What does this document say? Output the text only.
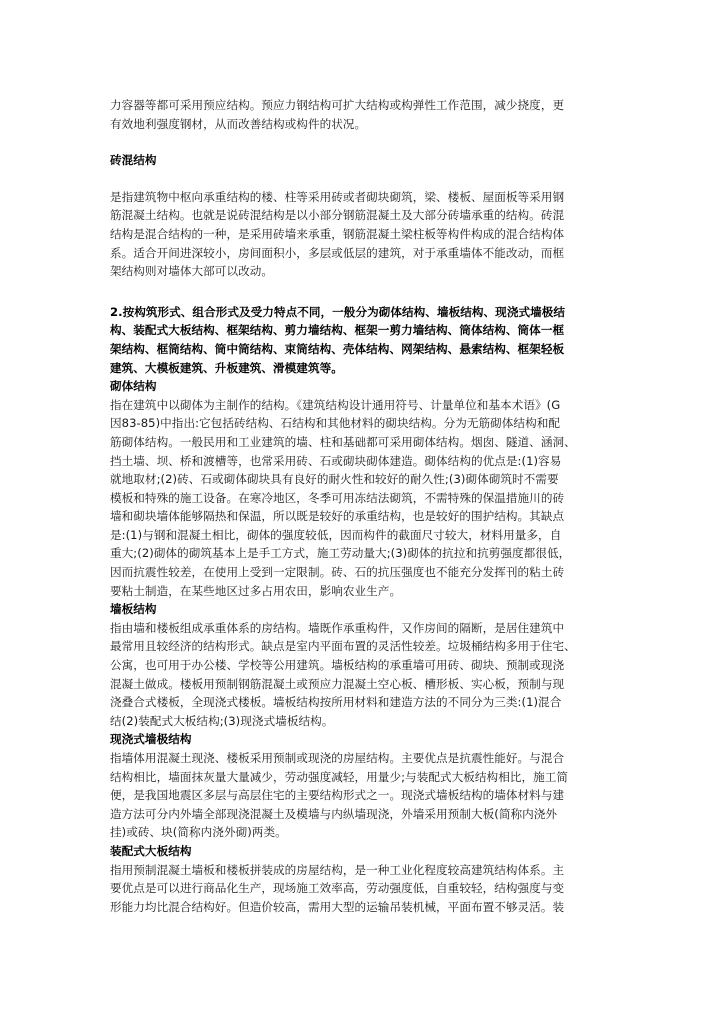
力容器等都可采用预应结构。预应力钢结构可扩大结构或构弹性工作范围，减少挠度，更
有效地利强度钢材，从而改善结构或构件的状况。
砖混结构
是指建筑物中枢向承重结构的楼、柱等采用砖或者砌块砌筑，梁、楼板、屋面板等采用钢
筋混凝土结构。也就是说砖混结构是以小部分钢筋混凝土及大部分砖墙承重的结构。砖混
结构是混合结构的一种，是采用砖墙来承重，钢筋混凝土梁柱板等构件构成的混合结构体
系。适合开间进深较小，房间面积小，多层或低层的建筑，对于承重墙体不能改动，而框
架结构则对墙体大部可以改动。
2.按构筑形式、组合形式及受力特点不同，一般分为砌体结构、墙板结构、现浇式墙极结
构、装配式大板结构、框架结构、剪力墙结构、框架一剪力墙结构、筒体结构、筒体一框
架结构、框筒结构、筒中筒结构、束筒结构、壳体结构、网架结构、悬索结构、框架轻板
建筑、大模板建筑、升板建筑、滑模建筑等。
砌体结构
指在建筑中以砌体为主制作的结构。《建筑结构设计通用符号、计量单位和基本术语》(G
因83-85)中指出:它包括砖结构、石结构和其他材料的砌块结构。分为无筋砌体结构和配
筋砌体结构。一般民用和工业建筑的墙、柱和基础都可采用砌体结构。烟囱、隧道、涵洞、
挡土墙、坝、桥和渡槽等，也常采用砖、石或砌块砌体建造。砌体结构的优点是:(1)容易
就地取材;(2)砖、石或砌体砌块具有良好的耐火性和较好的耐久性;(3)砌体砌筑时不需要
模板和特殊的施工设备。在寒冷地区，冬季可用冻结法砌筑，不需特殊的保温措施川的砖
墙和砌块墙体能够隔热和保温，所以既是较好的承重结构，也是较好的围护结构。其缺点
是:(1)与钢和混凝土相比，砌体的强度较低，因而构件的截面尺寸较大，材料用量多，自
重大;(2)砌体的砌筑基本上是手工方式，施工劳动量大;(3)砌体的抗拉和抗剪强度都很低，
因而抗震性较差，在使用上受到一定限制。砖、石的抗压强度也不能充分发挥刊的粘土砖
要粘土制造，在某些地区过多占用农田，影响农业生产。
墙板结构
指由墙和楼板组成承重体系的房结构。墙既作承重构件，又作房间的隔断，是居住建筑中
最常用且较经济的结构形式。缺点是室内平面布置的灵活性较差。垃圾桶结构多用于住宅、
公寓，也可用于办公楼、学校等公用建筑。墙板结构的承重墙可用砖、砌块、预制或现浇
混凝土做成。楼板用预制钢筋混凝土或预应力混凝土空心板、槽形板、实心板，预制与现
浇叠合式楼板，全现浇式楼板。墙板结构按所用材料和建造方法的不同分为三类:(1)混合
结(2)装配式大板结构;(3)现浇式墙板结构。
现浇式墙极结构
指墙体用混凝土现浇、楼板采用预制或现浇的房屋结构。主要优点是抗震性能好。与混合
结构相比，墙面抹灰量大量减少，劳动强度减轻，用量少;与装配式大板结构相比，施工简
便，是我国地震区多层与高层住宅的主要结构形式之一。现浇式墙板结构的墙体材料与建
造方法可分内外墙全部现浇混凝土及模墙与内纵墙现浇，外墙采用预制大板(简称内浇外
挂)或砖、块(简称内浇外砌)两类。
装配式大板结构
指用预制混凝土墙板和楼板拼装成的房屋结构，是一种工业化程度较高建筑结构体系。主
要优点是可以进行商品化生产，现场施工效率高，劳动强度低，自重较轻，结构强度与变
形能力均比混合结构好。但造价较高，需用大型的运输吊装机械，平面布置不够灵活。装
